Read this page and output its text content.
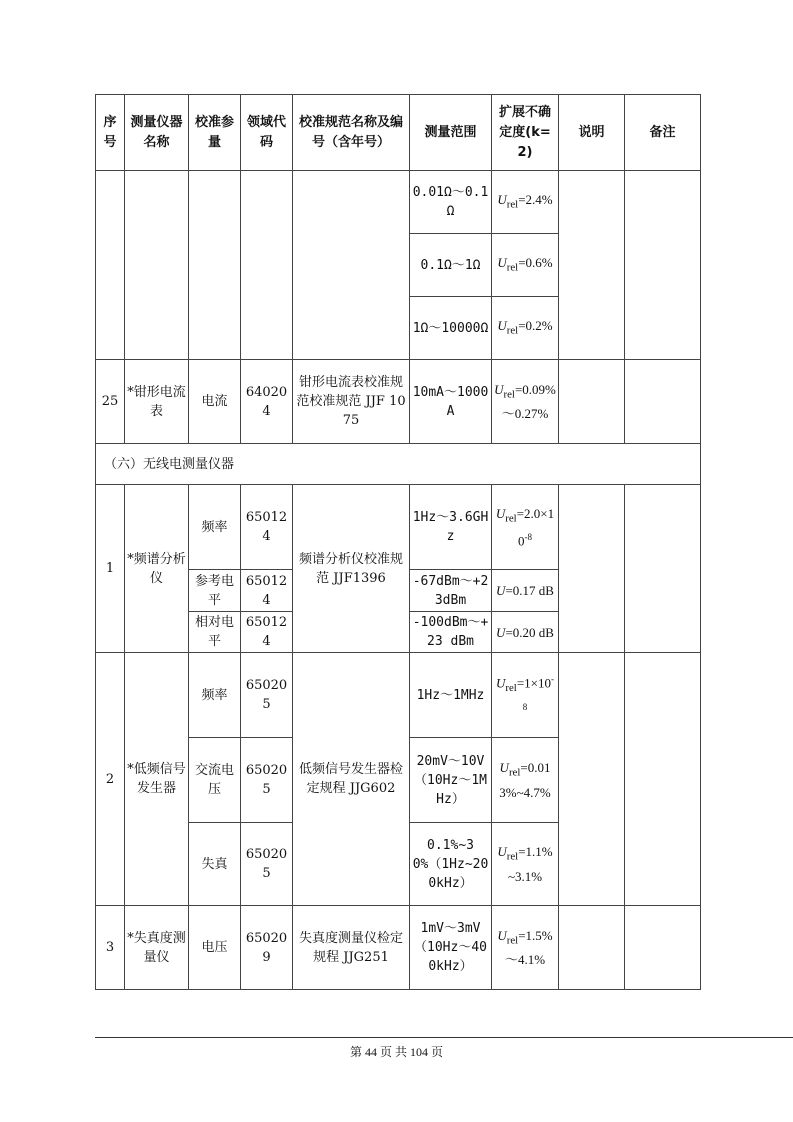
序号	测量仪器名称	校准参量	领域代码	校准规范名称及编号（含年号）	测量范围	扩展不确定度(k=2)	说明	备注
					0.01Ω～0.1Ω	$U_{rel}=2.4\%$		
					0.1Ω～1Ω	$U_{rel}=0.6\%$		
					1Ω～10000Ω	$U_{rel}=0.2\%$		
25	*钳形电流表	电流	640204	钳形电流表校准规范校准规范 JJF 1075	10mA～1000A	$U_{rel}=0.09\%\sim 0.27\%$		
（六）无线电测量仪器								
1	*频谱分析仪	频率	650124	频谱分析仪校准规范 JJF1396	1Hz～3.6GHz	$U_{rel}=2.0\times 10^{-8}$		
		参考电平	650124		-67dBm～+23dBm	U=0.17 dB		
		相对电平	650124		-100dBm～+23 dBm	U=0.20 dB		
2	*低频信号发生器	频率	650205	低频信号发生器检定规程 JJG602	1Hz～1MHz	$U_{rel}=1\times 10^{-8}$		
		交流电压	650205		20mV～10V（10Hz～1MHz）	$U_{rel}=0.013\%\sim 4.7\%$		
		失真	650205		0.1%~30%（1Hz~200kHz）	$U_{rel}=1.1\%\sim 3.1\%$		
3	*失真度测量仪	电压	650209	失真度测量仪检定规程 JJG251	1mV～3mV（10Hz～400kHz）	$U_{rel}=1.5\%\sim 4.1\%$		
第 44 页 共 104 页
